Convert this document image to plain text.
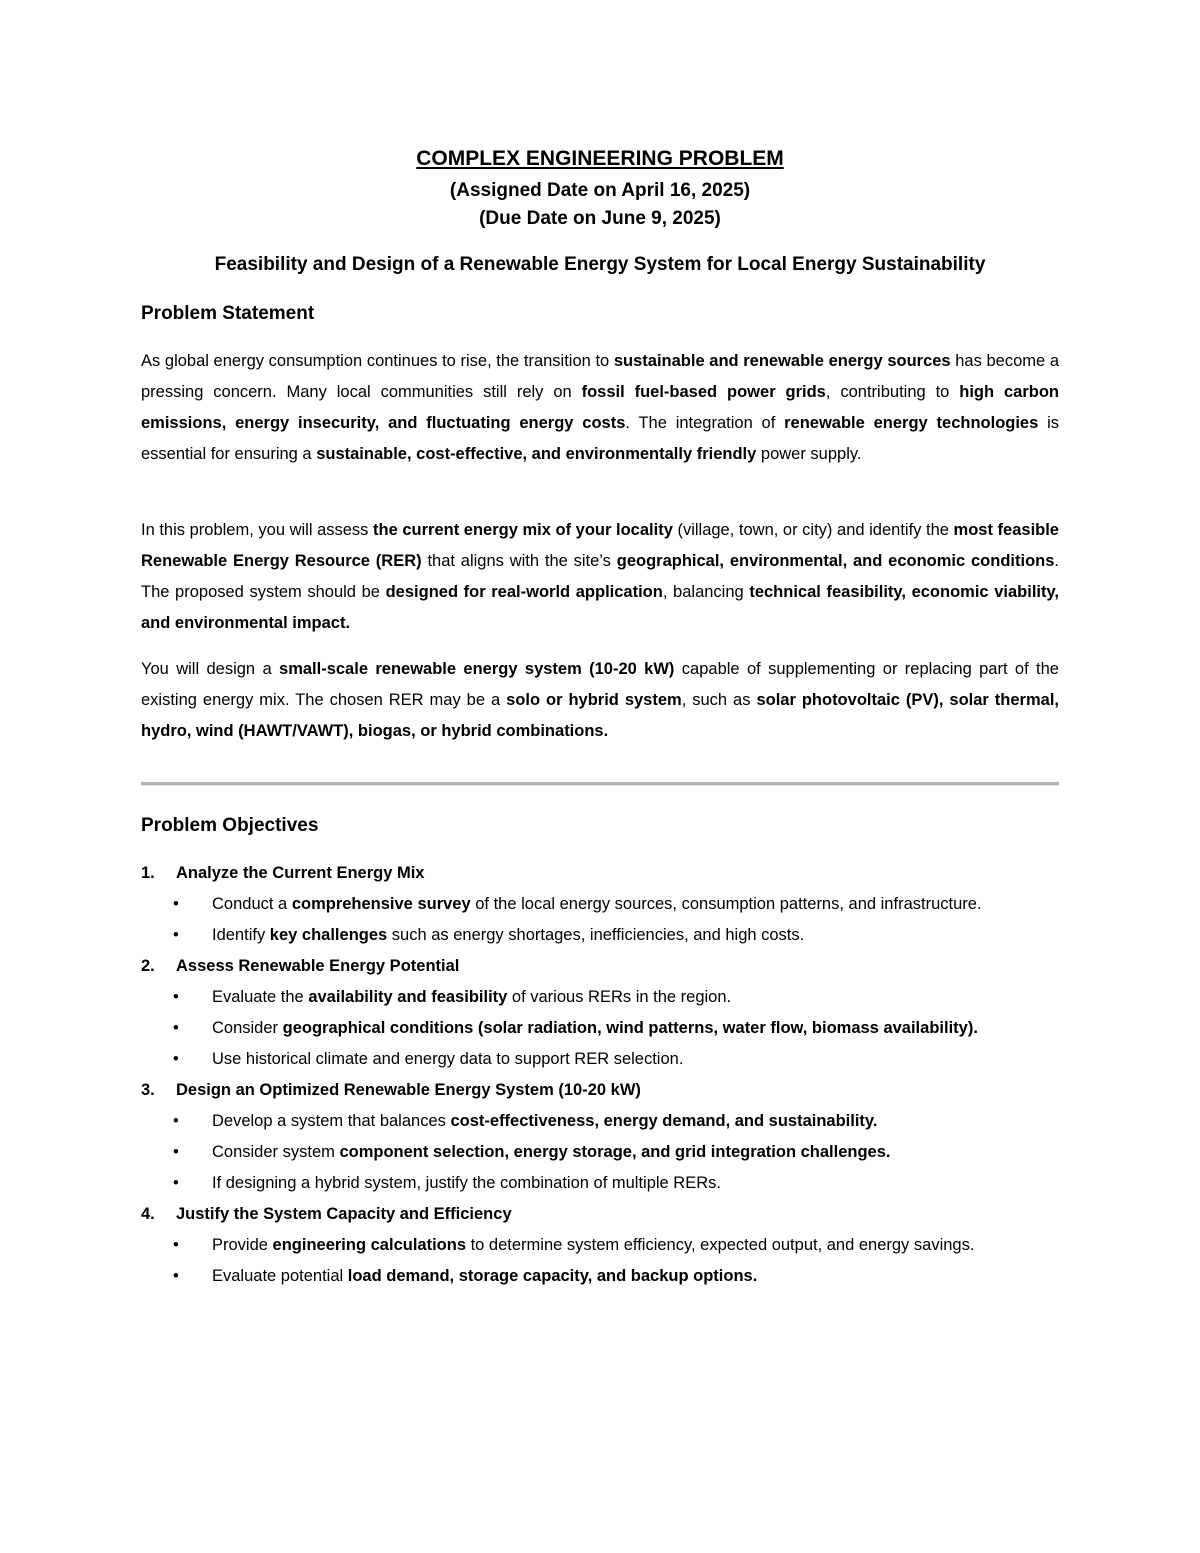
COMPLEX ENGINEERING PROBLEM
(Assigned Date on April 16, 2025)
(Due Date on June 9, 2025)
Feasibility and Design of a Renewable Energy System for Local Energy Sustainability
Problem Statement
As global energy consumption continues to rise, the transition to sustainable and renewable energy sources has become a pressing concern. Many local communities still rely on fossil fuel-based power grids, contributing to high carbon emissions, energy insecurity, and fluctuating energy costs. The integration of renewable energy technologies is essential for ensuring a sustainable, cost-effective, and environmentally friendly power supply.
In this problem, you will assess the current energy mix of your locality (village, town, or city) and identify the most feasible Renewable Energy Resource (RER) that aligns with the site’s geographical, environmental, and economic conditions. The proposed system should be designed for real-world application, balancing technical feasibility, economic viability, and environmental impact.
You will design a small-scale renewable energy system (10-20 kW) capable of supplementing or replacing part of the existing energy mix. The chosen RER may be a solo or hybrid system, such as solar photovoltaic (PV), solar thermal, hydro, wind (HAWT/VAWT), biogas, or hybrid combinations.
Problem Objectives
1.	Analyze the Current Energy Mix
• Conduct a comprehensive survey of the local energy sources, consumption patterns, and infrastructure.
• Identify key challenges such as energy shortages, inefficiencies, and high costs.
2.	Assess Renewable Energy Potential
• Evaluate the availability and feasibility of various RERs in the region.
• Consider geographical conditions (solar radiation, wind patterns, water flow, biomass availability).
• Use historical climate and energy data to support RER selection.
3.	Design an Optimized Renewable Energy System (10-20 kW)
• Develop a system that balances cost-effectiveness, energy demand, and sustainability.
• Consider system component selection, energy storage, and grid integration challenges.
• If designing a hybrid system, justify the combination of multiple RERs.
4.	Justify the System Capacity and Efficiency
• Provide engineering calculations to determine system efficiency, expected output, and energy savings.
• Evaluate potential load demand, storage capacity, and backup options.
